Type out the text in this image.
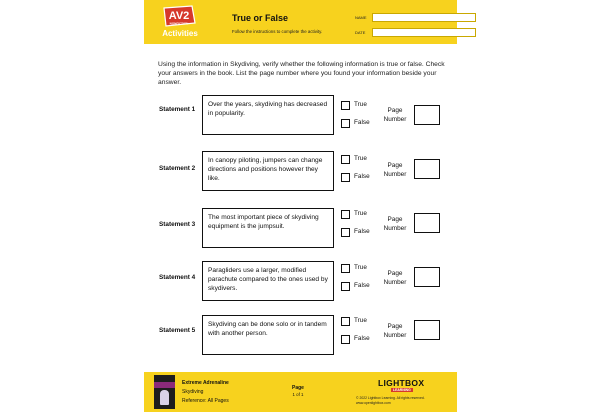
AV2
NONFICTION
Activities
True or False
Follow the instructions to complete the activity.
NAME
DATE
Using the information in Skydiving, verify whether the following information is true or false. Check your answers in the book. List the page number where you found your information beside your answer.
Statement 1
Over the years, skydiving has decreased in popularity.
True
False
Page Number
Statement 2
In canopy piloting, jumpers can change directions and positions however they like.
True
False
Page Number
Statement 3
The most important piece of skydiving equipment is the jumpsuit.
True
False
Page Number
Statement 4
Paragliders use a larger, modified parachute compared to the ones used by skydivers.
True
False
Page Number
Statement 5
Skydiving can be done solo or in tandem with another person.
True
False
Page Number
Extreme Adrenaline
Skydiving
Reference: All Pages
Page
1 of 1
LIGHTBOX
LEARNING
© 2022 Lightbox Learning. All rights reserved.
www.openlightbox.com
